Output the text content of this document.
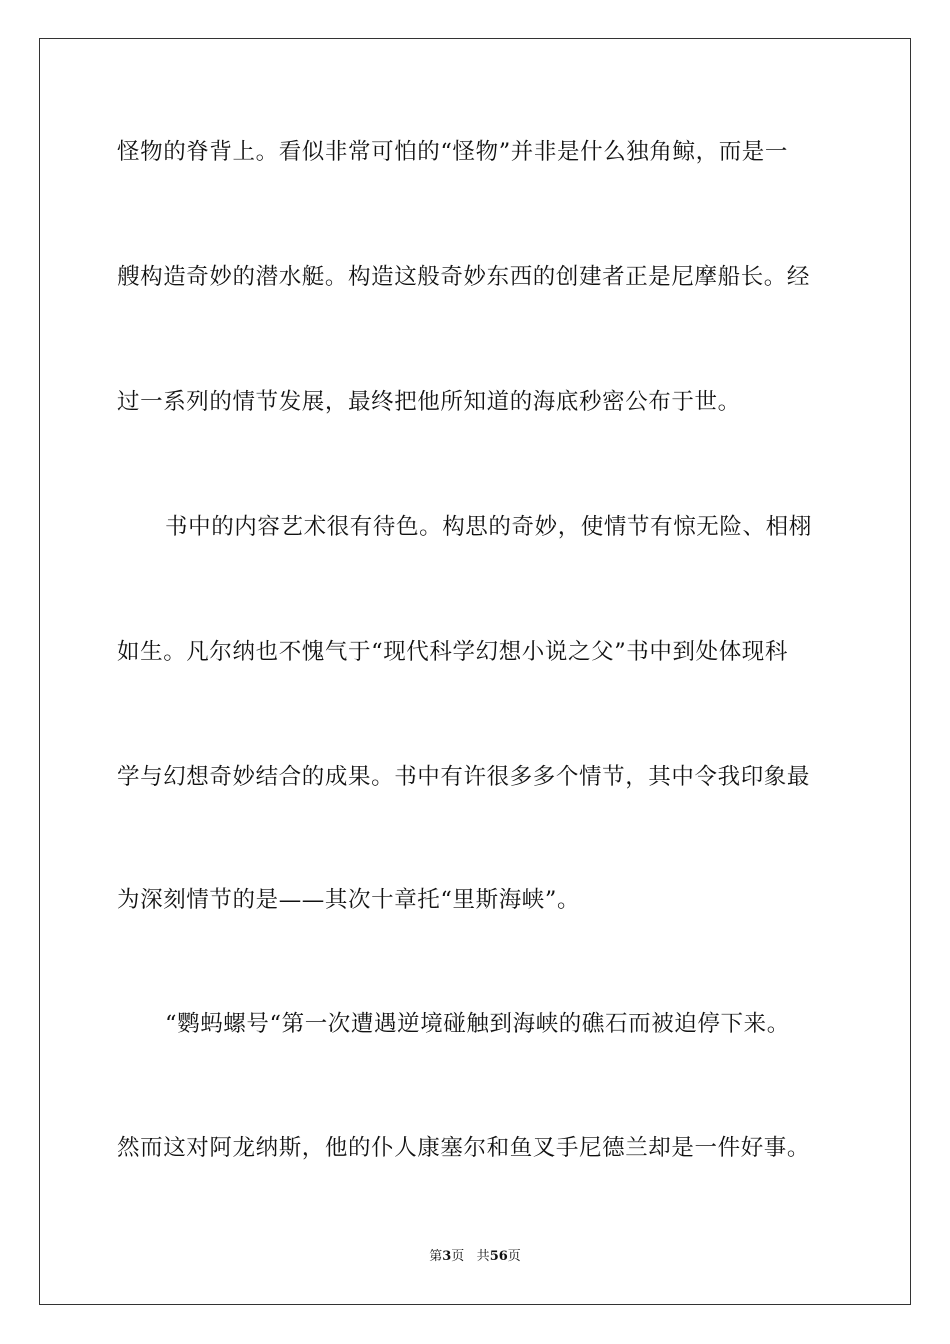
怪物的脊背上。看似非常可怕的“怪物”并非是什么独角鲸，而是一
艘构造奇妙的潜水艇。构造这般奇妙东西的创建者正是尼摩船长。经
过一系列的情节发展，最终把他所知道的海底秒密公布于世。
书中的内容艺术很有待色。构思的奇妙，使情节有惊无险、相栩
如生。凡尔纳也不愧气于“现代科学幻想小说之父”书中到处体现科
学与幻想奇妙结合的成果。书中有许很多多个情节，其中令我印象最
为深刻情节的是——其次十章托“里斯海峡”。
“鹦蚂螺号“第一次遭遇逆境碰触到海峡的礁石而被迫停下来。
然而这对阿龙纳斯，他的仆人康塞尔和鱼叉手尼德兰却是一件好事。
第3页 共56页
